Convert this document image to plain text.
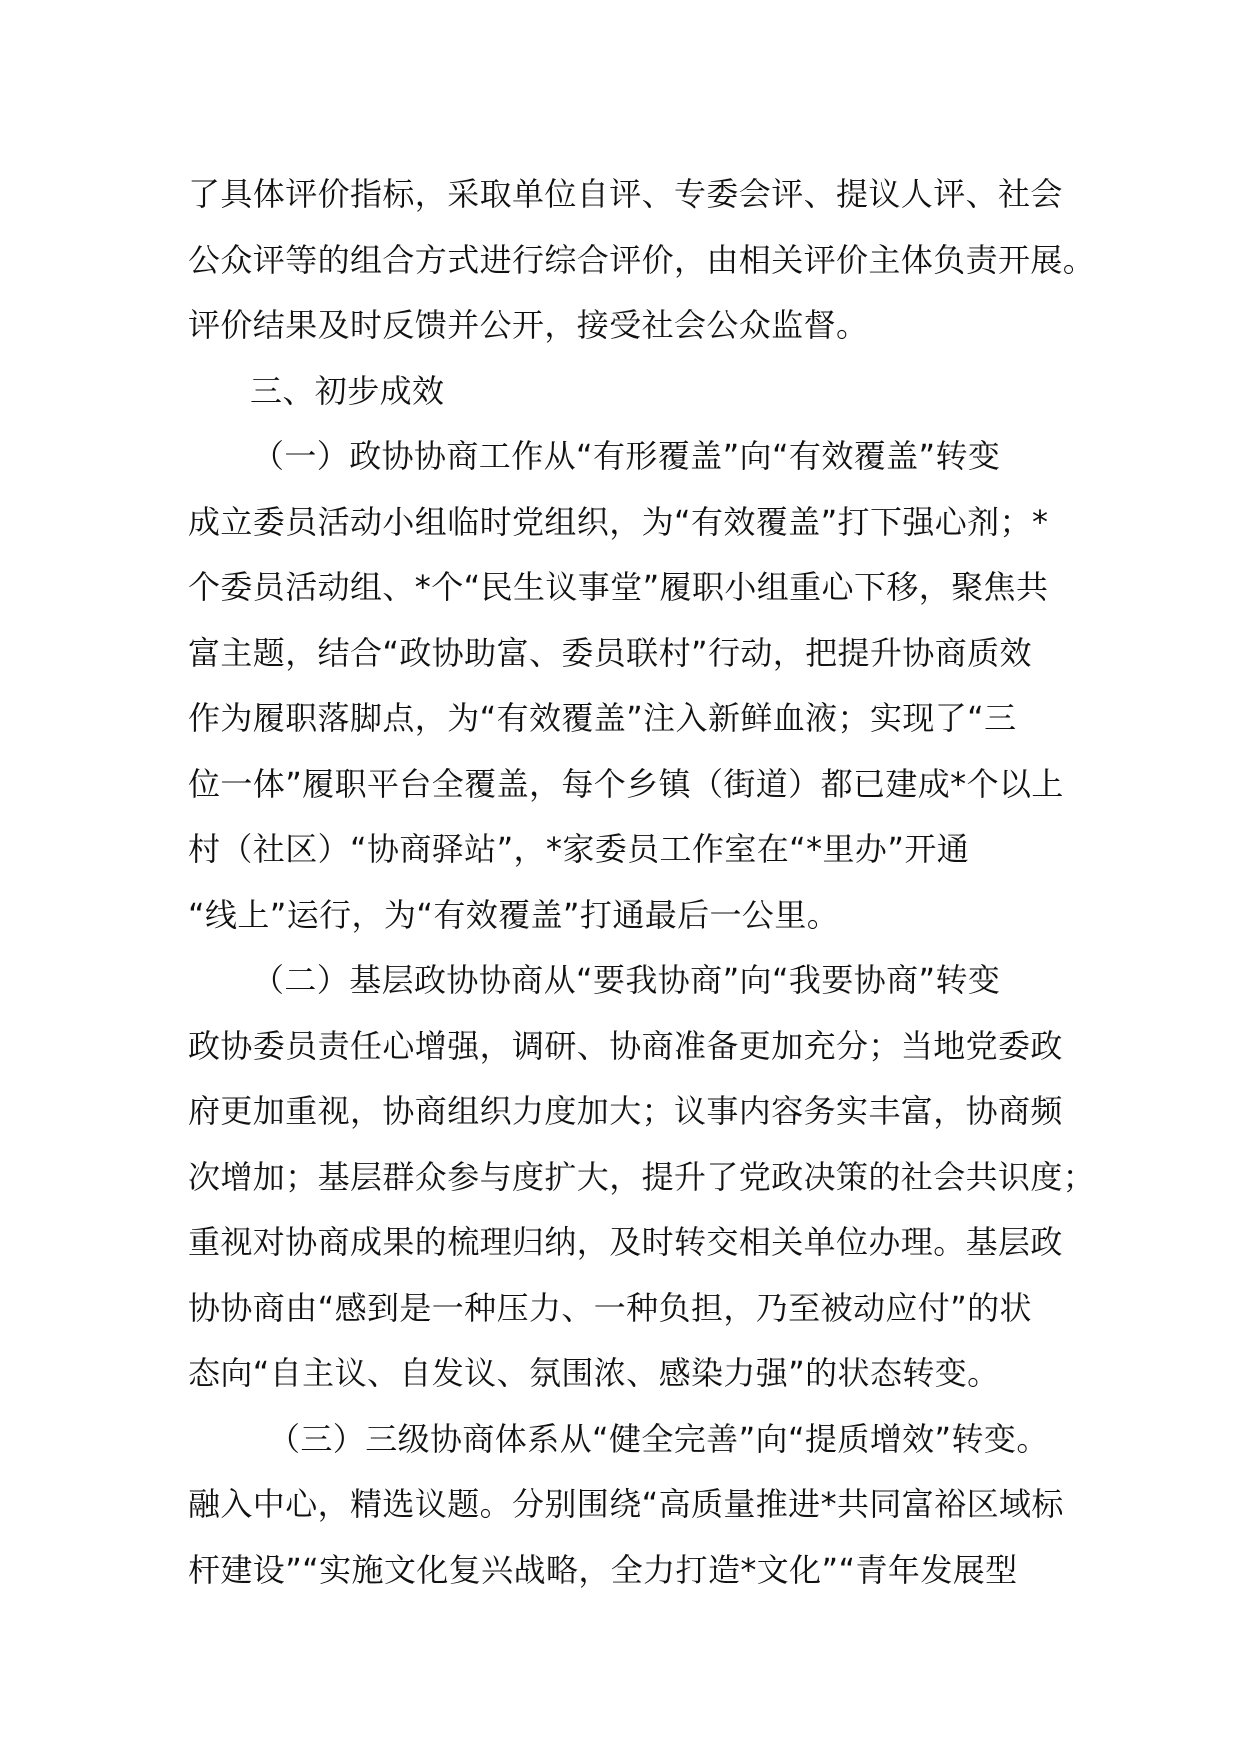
了具体评价指标，采取单位自评、专委会评、提议人评、社会
公众评等的组合方式进行综合评价，由相关评价主体负责开展。
评价结果及时反馈并公开，接受社会公众监督。
三、初步成效
（一）政协协商工作从“有形覆盖”向“有效覆盖”转变
成立委员活动小组临时党组织，为“有效覆盖”打下强心剂；*
个委员活动组、*个“民生议事堂”履职小组重心下移，聚焦共
富主题，结合“政协助富、委员联村”行动，把提升协商质效
作为履职落脚点，为“有效覆盖”注入新鲜血液；实现了“三
位一体”履职平台全覆盖，每个乡镇（街道）都已建成*个以上
村（社区）“协商驿站”，*家委员工作室在“*里办”开通
“线上”运行，为“有效覆盖”打通最后一公里。
（二）基层政协协商从“要我协商”向“我要协商”转变
政协委员责任心增强，调研、协商准备更加充分；当地党委政
府更加重视，协商组织力度加大；议事内容务实丰富，协商频
次增加；基层群众参与度扩大，提升了党政决策的社会共识度；
重视对协商成果的梳理归纳，及时转交相关单位办理。基层政
协协商由“感到是一种压力、一种负担，乃至被动应付”的状
态向“自主议、自发议、氛围浓、感染力强”的状态转变。
（三）三级协商体系从“健全完善”向“提质增效”转变。
融入中心，精选议题。分别围绕“高质量推进*共同富裕区域标
杆建设”“实施文化复兴战略，全力打造*文化”“青年发展型
